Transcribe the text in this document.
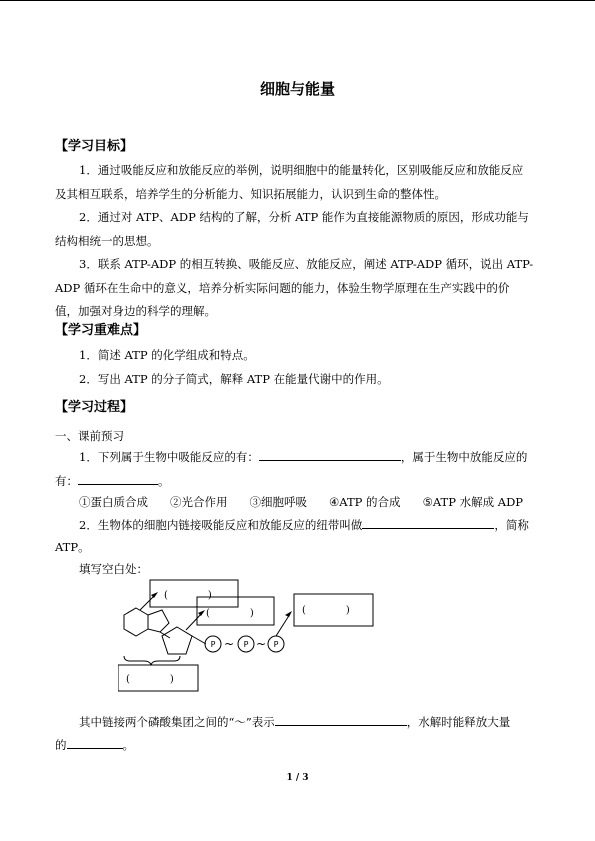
细胞与能量
【学习目标】

1．通过吸能反应和放能反应的举例，说明细胞中的能量转化，区别吸能反应和放能反应

及其相互联系，培养学生的分析能力、知识拓展能力，认识到生命的整体性。

2．通过对 ATP、ADP 结构的了解，分析 ATP 能作为直接能源物质的原因，形成功能与

结构相统一的思想。

3．联系 ATP-ADP 的相互转换、吸能反应、放能反应，阐述 ATP-ADP 循环，说出 ATP-

ADP 循环在生命中的意义，培养分析实际问题的能力，体验生物学原理在生产实践中的价

值，加强对身边的科学的理解。

【学习重难点】

1．简述 ATP 的化学组成和特点。

2．写出 ATP 的分子简式，解释 ATP 在能量代谢中的作用。

【学习过程】
一、课前预习
1．下列属于生物中吸能反应的有：	，属于生物中放能反应的
有：	。
①蛋白质合成 ②光合作用 ③细胞呼吸 ④ATP 的合成 ⑤ATP 水解成 ADP
2．生物体的细胞内链接吸能反应和放能反应的纽带叫做	，简称
ATP。
填写空白处：
(　　　　)
(　　　　)	(　　　　)
(　　　　)
P	P	P
~ ~
其中链接两个磷酸集团之间的“～”表示	，水解时能释放大量
的	。
1 / 3
